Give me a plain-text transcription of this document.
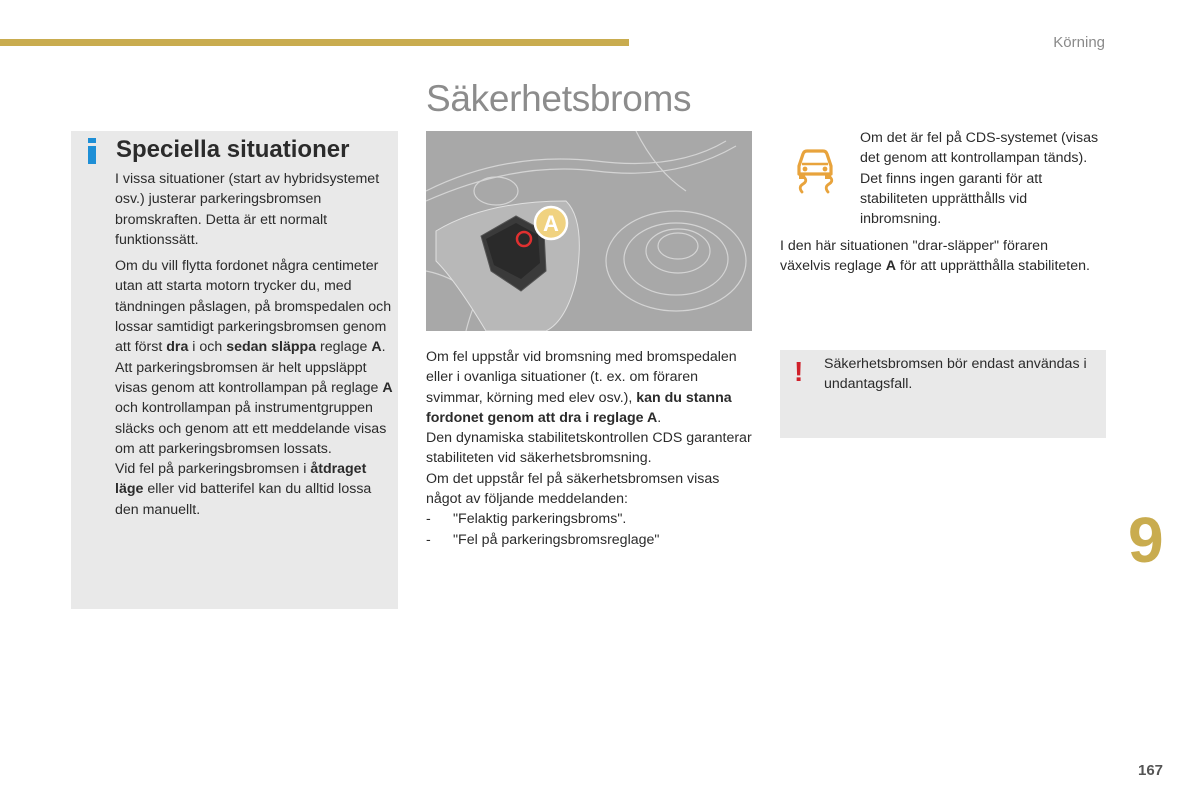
Körning
Säkerhetsbroms
Speciella situationer

I vissa situationer (start av hybridsystemet osv.) justerar parkeringsbromsen bromskraften. Detta är ett normalt funktionssätt.

Om du vill flytta fordonet några centimeter utan att starta motorn trycker du, med tändningen påslagen, på bromspedalen och lossar samtidigt parkeringsbromsen genom att först dra i och sedan släppa reglage A. Att parkeringsbromsen är helt uppsläppt visas genom att kontrollampan på reglage A och kontrollampan på instrumentgruppen släcks och genom att ett meddelande visas om att parkeringsbromsen lossats.

Vid fel på parkeringsbromsen i åtdraget läge eller vid batterifel kan du alltid lossa den manuellt.

A

Om fel uppstår vid bromsning med bromspedalen eller i ovanliga situationer (t. ex. om föraren svimmar, körning med elev osv.), kan du stanna fordonet genom att dra i reglage A.

Den dynamiska stabilitetskontrollen CDS garanterar stabiliteten vid säkerhetsbromsning.

Om det uppstår fel på säkerhetsbromsen visas något av följande meddelanden:

-	"Felaktig parkeringsbroms".
-	"Fel på parkeringsbromsreglage"

Om det är fel på CDS-systemet (visas det genom att kontrollampan tänds). Det finns ingen garanti för att stabiliteten upprätthålls vid inbromsning.

I den här situationen "drar-släpper" föraren växelvis reglage A för att upprätthålla stabiliteten.

! Säkerhetsbromsen bör endast användas i undantagsfall.
9
167
